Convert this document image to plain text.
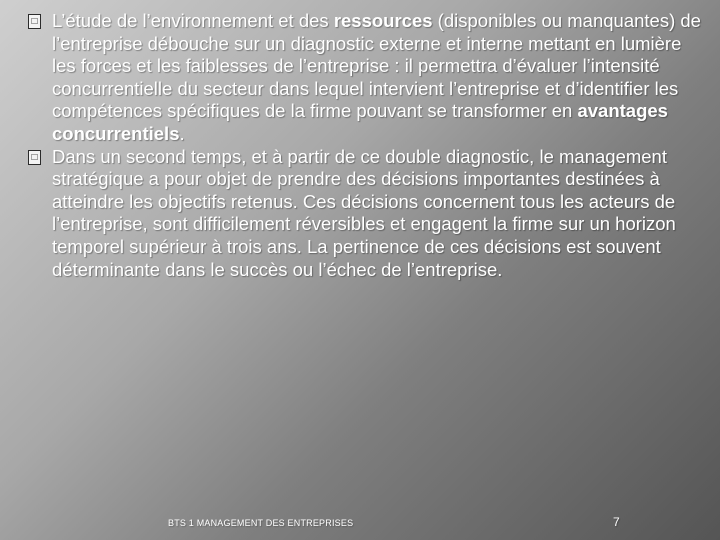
□ L’étude de l’environnement et des ressources (disponibles ou manquantes) de l’entreprise débouche sur un diagnostic externe et interne mettant en lumière les forces et les faiblesses de l’entreprise : il permettra d’évaluer l’intensité concurrentielle du secteur dans lequel intervient l’entreprise et d’identifier les compétences spécifiques de la firme pouvant se transformer en avantages concurrentiels.
□ Dans un second temps, et à partir de ce double diagnostic, le management stratégique a pour objet de prendre des décisions importantes destinées à atteindre les objectifs retenus. Ces décisions concernent tous les acteurs de l’entreprise, sont difficilement réversibles et engagent la firme sur un horizon temporel supérieur à trois ans. La pertinence de ces décisions est souvent déterminante dans le succès ou l’échec de l’entreprise.
BTS 1 MANAGEMENT DES ENTREPRISES	7
